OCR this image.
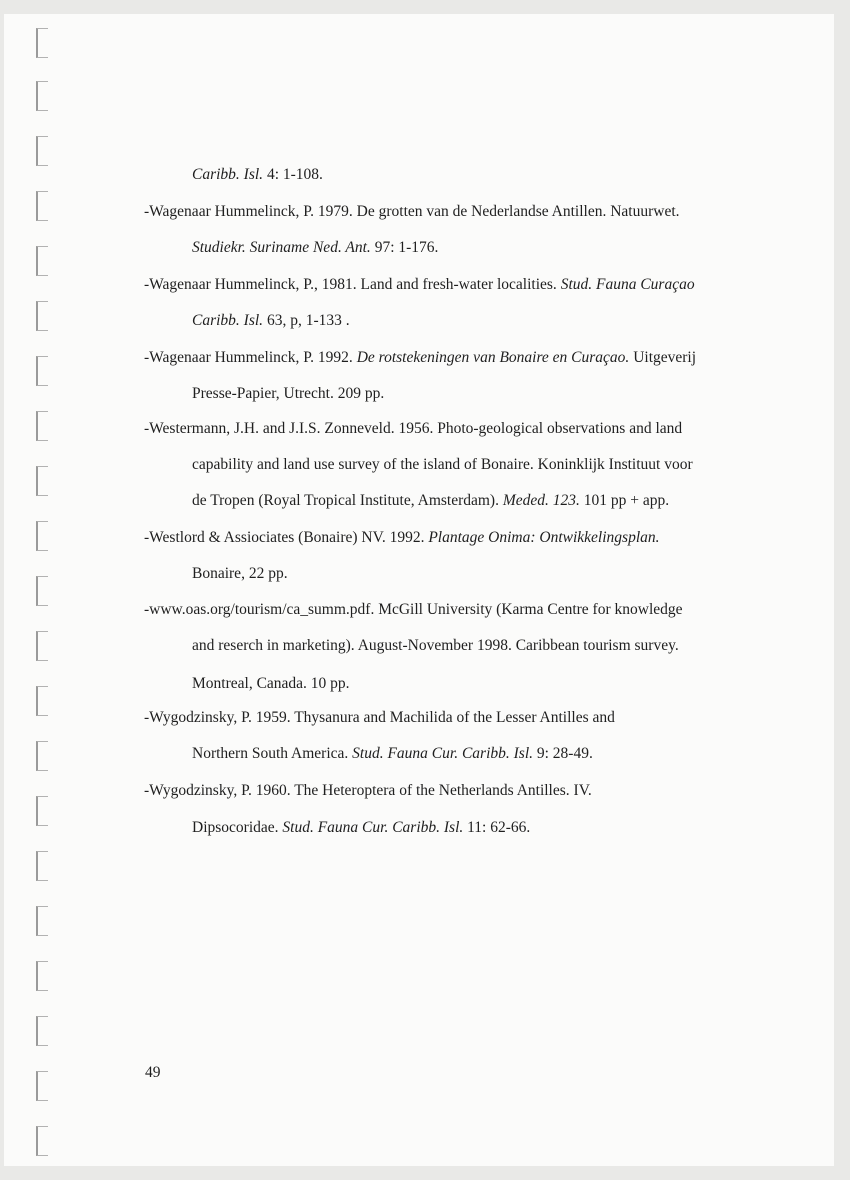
Caribb. Isl. 4: 1-108.
-Wagenaar Hummelinck, P. 1979. De grotten van de Nederlandse Antillen. Natuurwet.
Studiekr. Suriname Ned. Ant. 97: 1-176.
-Wagenaar Hummelinck, P., 1981. Land and fresh-water localities. Stud. Fauna Curaçao
Caribb. Isl. 63, p, 1-133 .
-Wagenaar Hummelinck, P. 1992. De rotstekeningen van Bonaire en Curaçao. Uitgeverij
Presse-Papier, Utrecht. 209 pp.
-Westermann, J.H. and J.I.S. Zonneveld. 1956. Photo-geological observations and land
capability and land use survey of the island of Bonaire. Koninklijk Instituut voor
de Tropen (Royal Tropical Institute, Amsterdam). Meded. 123. 101 pp + app.
-Westlord & Assiociates (Bonaire) NV. 1992. Plantage Onima: Ontwikkelingsplan.
Bonaire, 22 pp.
-www.oas.org/tourism/ca_summ.pdf. McGill University (Karma Centre for knowledge
and reserch in marketing). August-November 1998. Caribbean tourism survey.
Montreal, Canada. 10 pp.
-Wygodzinsky, P. 1959. Thysanura and Machilida of the Lesser Antilles and
Northern South America. Stud. Fauna Cur. Caribb. Isl. 9: 28-49.
-Wygodzinsky, P. 1960. The Heteroptera of the Netherlands Antilles. IV.
Dipsocoridae. Stud. Fauna Cur. Caribb. Isl. 11: 62-66.
49
